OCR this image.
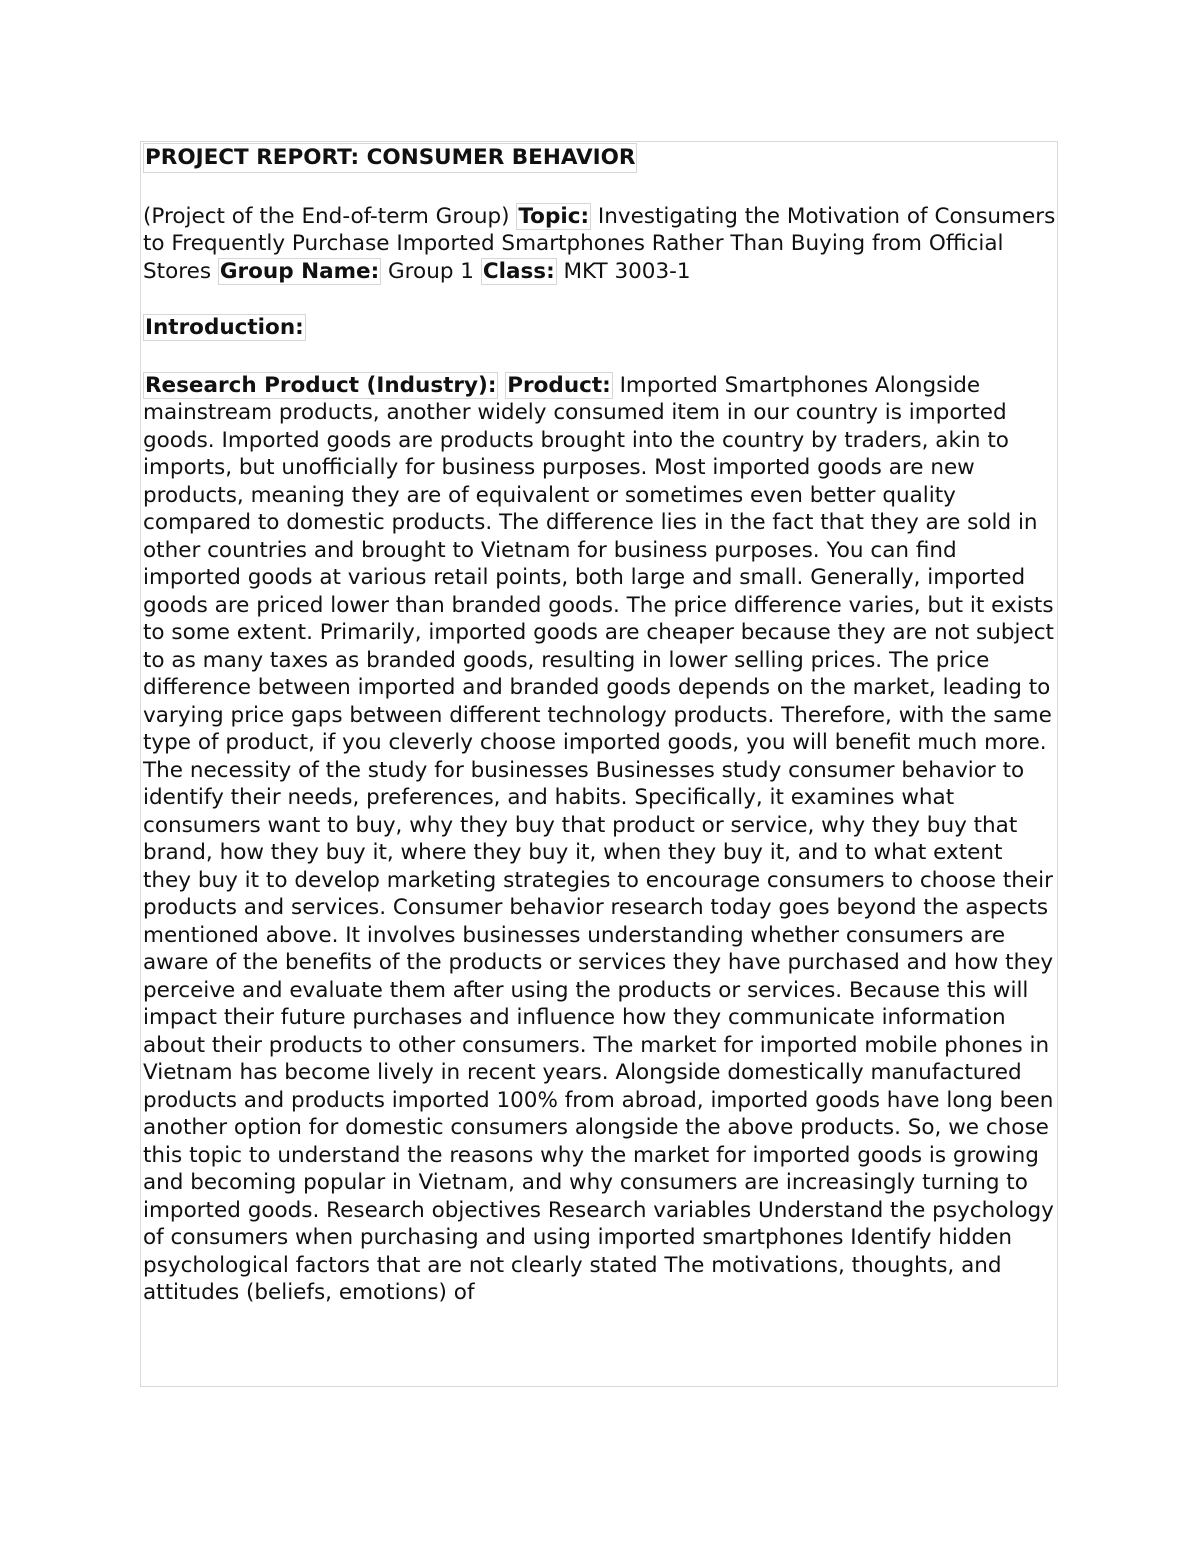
PROJECT REPORT: CONSUMER BEHAVIOR

(Project of the End-of-term Group) Topic: Investigating the Motivation of Consumers to Frequently Purchase Imported Smartphones Rather Than Buying from Official Stores Group Name: Group 1 Class: MKT 3003-1

Introduction:

Research Product (Industry): Product: Imported Smartphones Alongside mainstream products, another widely consumed item in our country is imported goods. Imported goods are products brought into the country by traders, akin to imports, but unofficially for business purposes. Most imported goods are new products, meaning they are of equivalent or sometimes even better quality compared to domestic products. The difference lies in the fact that they are sold in other countries and brought to Vietnam for business purposes. You can find imported goods at various retail points, both large and small. Generally, imported goods are priced lower than branded goods. The price difference varies, but it exists to some extent. Primarily, imported goods are cheaper because they are not subject to as many taxes as branded goods, resulting in lower selling prices. The price difference between imported and branded goods depends on the market, leading to varying price gaps between different technology products. Therefore, with the same type of product, if you cleverly choose imported goods, you will benefit much more. The necessity of the study for businesses Businesses study consumer behavior to identify their needs, preferences, and habits. Specifically, it examines what consumers want to buy, why they buy that product or service, why they buy that brand, how they buy it, where they buy it, when they buy it, and to what extent they buy it to develop marketing strategies to encourage consumers to choose their products and services. Consumer behavior research today goes beyond the aspects mentioned above. It involves businesses understanding whether consumers are aware of the benefits of the products or services they have purchased and how they perceive and evaluate them after using the products or services. Because this will impact their future purchases and influence how they communicate information about their products to other consumers. The market for imported mobile phones in Vietnam has become lively in recent years. Alongside domestically manufactured products and products imported 100% from abroad, imported goods have long been another option for domestic consumers alongside the above products. So, we chose this topic to understand the reasons why the market for imported goods is growing and becoming popular in Vietnam, and why consumers are increasingly turning to imported goods. Research objectives Research variables Understand the psychology of consumers when purchasing and using imported smartphones Identify hidden psychological factors that are not clearly stated The motivations, thoughts, and attitudes (beliefs, emotions) of
